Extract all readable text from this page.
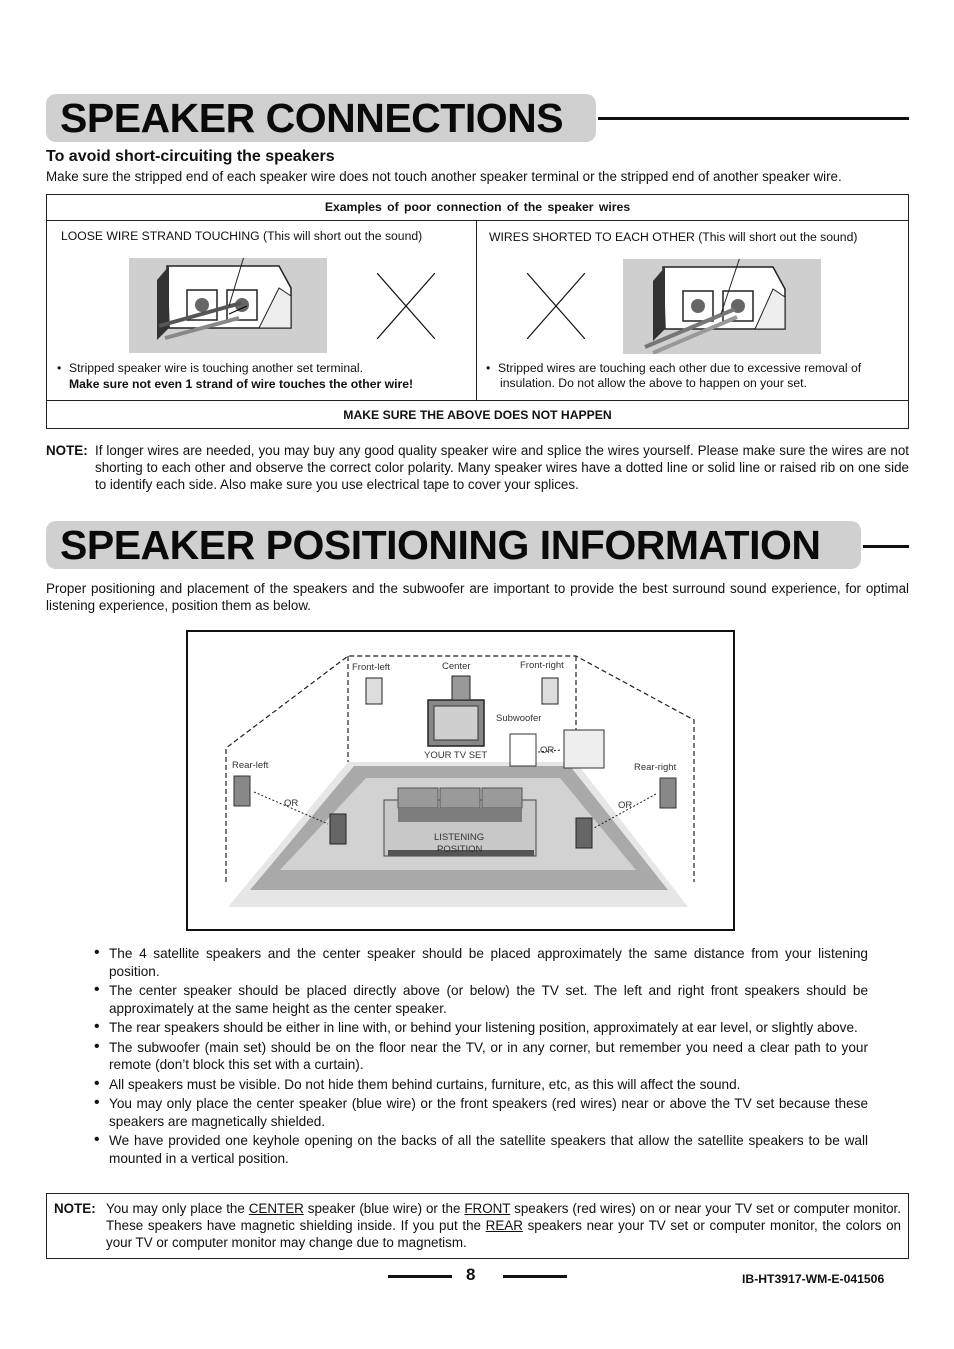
SPEAKER CONNECTIONS
To avoid short-circuiting the speakers
Make sure the stripped end of each speaker wire does not touch another speaker terminal or the stripped end of another speaker wire.
Examples of poor connection of the speaker wires
MAKE SURE THE ABOVE DOES NOT HAPPEN
LOOSE WIRE STRAND TOUCHING (This will short out the sound)
• Stripped speaker wire is touching another set terminal.
Make sure not even 1 strand of wire touches the other wire!
WIRES SHORTED TO EACH OTHER (This will short out the sound)
• Stripped wires are touching each other due to excessive removal of
insulation. Do not allow the above to happen on your set.
NOTE: If longer wires are needed, you may buy any good quality speaker wire and splice the wires yourself. Please make sure the wires are not shorting to each other and observe the correct color polarity. Many speaker wires have a dotted line or solid line or raised rib on one side to identify each side. Also make sure you use electrical tape to cover your splices.
SPEAKER POSITIONING INFORMATION
Proper positioning and placement of the speakers and the subwoofer are important to provide the best surround sound experience, for optimal listening experience, position them as below.
Front-left	Center	Front-right
Subwoofer
YOUR TV SET	OR
Rear-left	Rear-right
OR	OR
LISTENING
POSITION
• The 4 satellite speakers and the center speaker should be placed approximately the same distance from your listening position.
• The center speaker should be placed directly above (or below) the TV set. The left and right front speakers should be approximately at the same height as the center speaker.
• The rear speakers should be either in line with, or behind your listening position, approximately at ear level, or slightly above.
• The subwoofer (main set) should be on the floor near the TV, or in any corner, but remember you need a clear path to your remote (don’t block this set with a curtain).
• All speakers must be visible. Do not hide them behind curtains, furniture, etc, as this will affect the sound.
• You may only place the center speaker (blue wire) or the front speakers (red wires) near or above the TV set because these speakers are magnetically shielded.
• We have provided one keyhole opening on the backs of all the satellite speakers that allow the satellite speakers to be wall mounted in a vertical position.
NOTE: You may only place the CENTER speaker (blue wire) or the FRONT speakers (red wires) on or near your TV set or computer monitor. These speakers have magnetic shielding inside. If you put the REAR speakers near your TV set or computer monitor, the colors on your TV or computer monitor may change due to magnetism.
8	IB-HT3917-WM-E-041506
